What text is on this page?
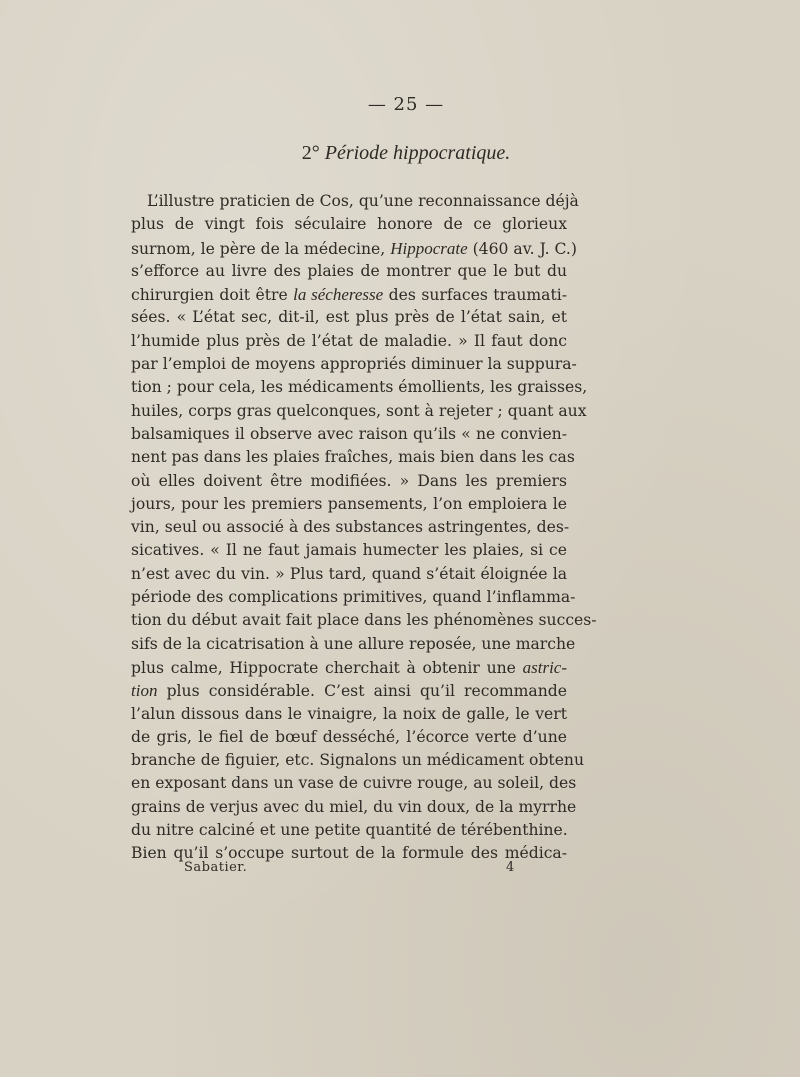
— 25 —
2° Période hippocratique.
L’illustre praticien de Cos, qu’une reconnaissance déjà
plus de vingt fois séculaire honore de ce glorieux
surnom, le père de la médecine, Hippocrate (460 av. J. C.)
s’efforce au livre des plaies de montrer que le but du
chirurgien doit être la sécheresse des surfaces traumati-
sées. « L’état sec, dit-il, est plus près de l’état sain, et
l’humide plus près de l’état de maladie. » Il faut donc
par l’emploi de moyens appropriés diminuer la suppura-
tion ; pour cela, les médicaments émollients, les graisses,
huiles, corps gras quelconques, sont à rejeter ; quant aux
balsamiques il observe avec raison qu’ils « ne convien-
nent pas dans les plaies fraîches, mais bien dans les cas
où elles doivent être modifiées. » Dans les premiers
jours, pour les premiers pansements, l’on emploiera le
vin, seul ou associé à des substances astringentes, des-
sicatives. « Il ne faut jamais humecter les plaies, si ce
n’est avec du vin. » Plus tard, quand s’était éloignée la
période des complications primitives, quand l’inflamma-
tion du début avait fait place dans les phénomènes succes-
sifs de la cicatrisation à une allure reposée, une marche
plus calme, Hippocrate cherchait à obtenir une astric-
tion plus considérable. C’est ainsi qu’il recommande
l’alun dissous dans le vinaigre, la noix de galle, le vert
de gris, le fiel de bœuf desséché, l’écorce verte d’une
branche de figuier, etc. Signalons un médicament obtenu
en exposant dans un vase de cuivre rouge, au soleil, des
grains de verjus avec du miel, du vin doux, de la myrrhe
du nitre calciné et une petite quantité de térébenthine.
Bien qu’il s’occupe surtout de la formule des médica-
Sabatier.	4
